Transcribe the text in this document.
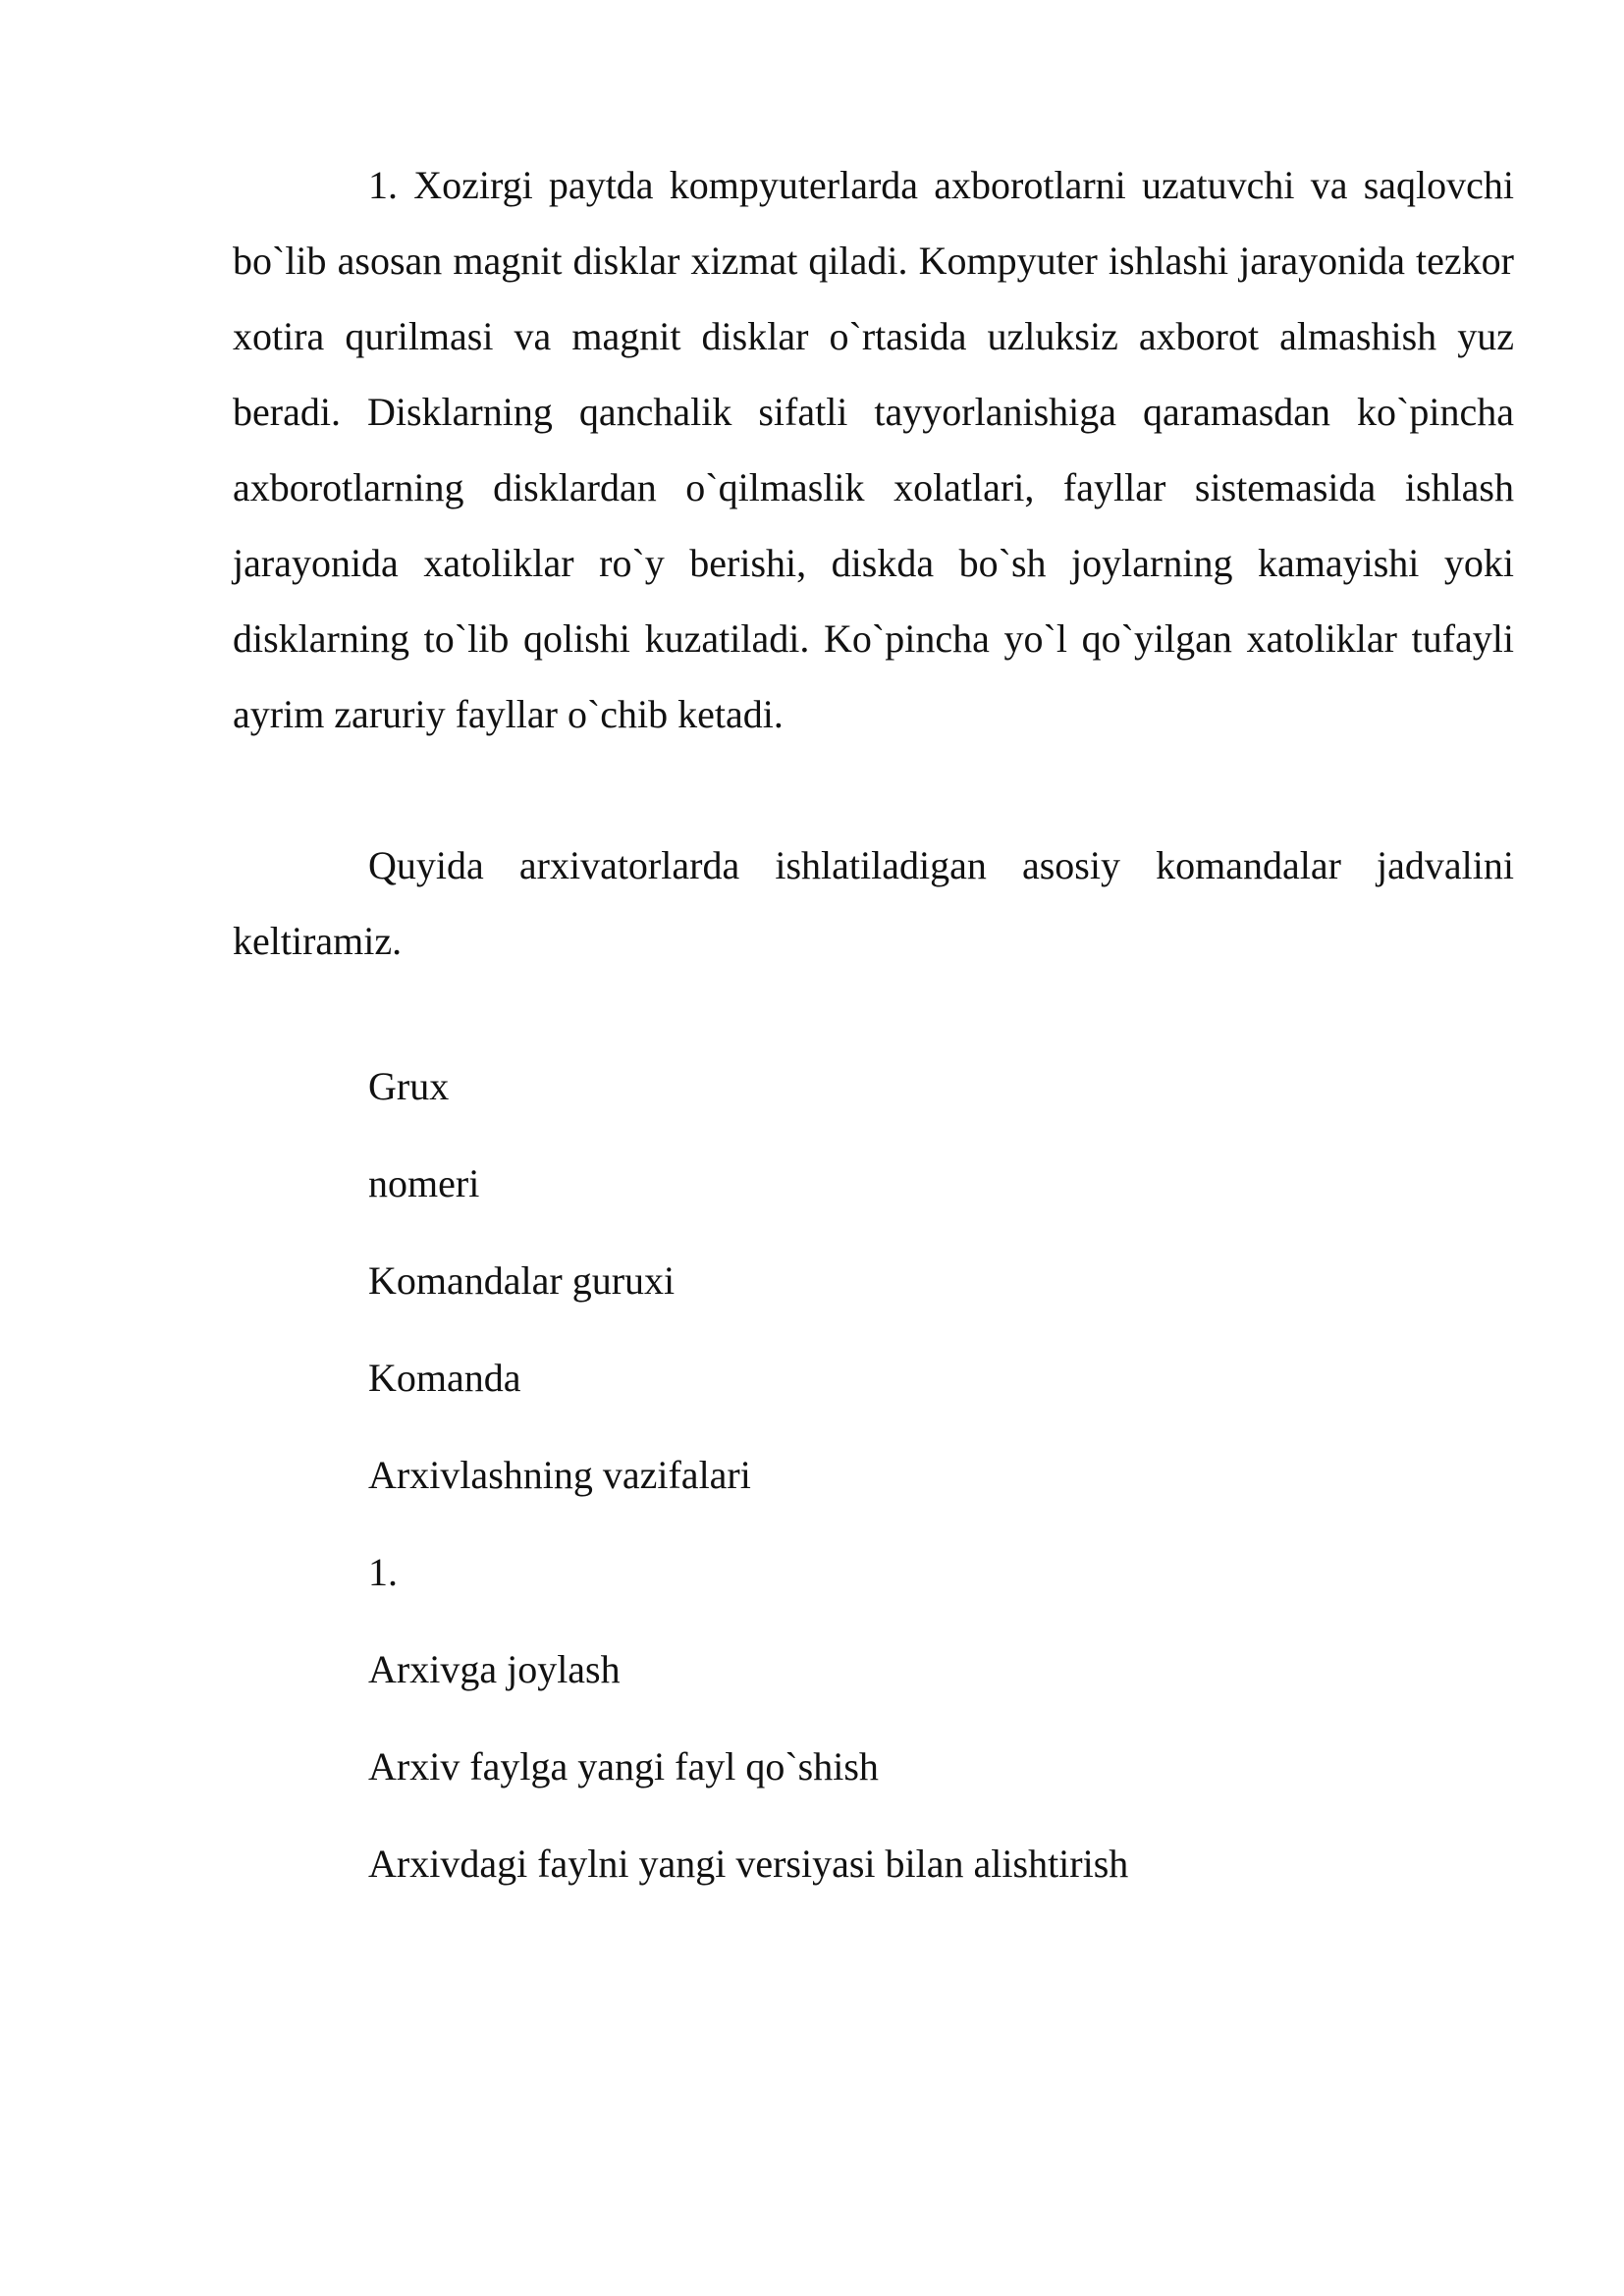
1. Xozirgi paytda kompyuterlarda axborotlarni uzatuvchi va saqlovchi bo`lib asosan magnit disklar xizmat qiladi. Kompyuter ishlashi jarayonida tezkor xotira qurilmasi va magnit disklar o`rtasida uzluksiz axborot almashish yuz beradi. Disklarning qanchalik sifatli tayyorlanishiga qaramasdan ko`pincha axborotlarning disklardan o`qilmaslik xolatlari, fayllar sistemasida ishlash jarayonida xatoliklar ro`y berishi, diskda bo`sh joylarning kamayishi yoki disklarning to`lib qolishi kuzatiladi. Ko`pincha yo`l qo`yilgan xatoliklar tufayli ayrim zaruriy fayllar o`chib ketadi.

Quyida arxivatorlarda ishlatiladigan asosiy komandalar jadvalini keltiramiz.

Grux
nomeri
Komandalar guruxi
Komanda
Arxivlashning vazifalari
1.
Arxivga joylash
Arxiv faylga yangi fayl qo`shish
Arxivdagi faylni yangi versiyasi bilan alishtirish
